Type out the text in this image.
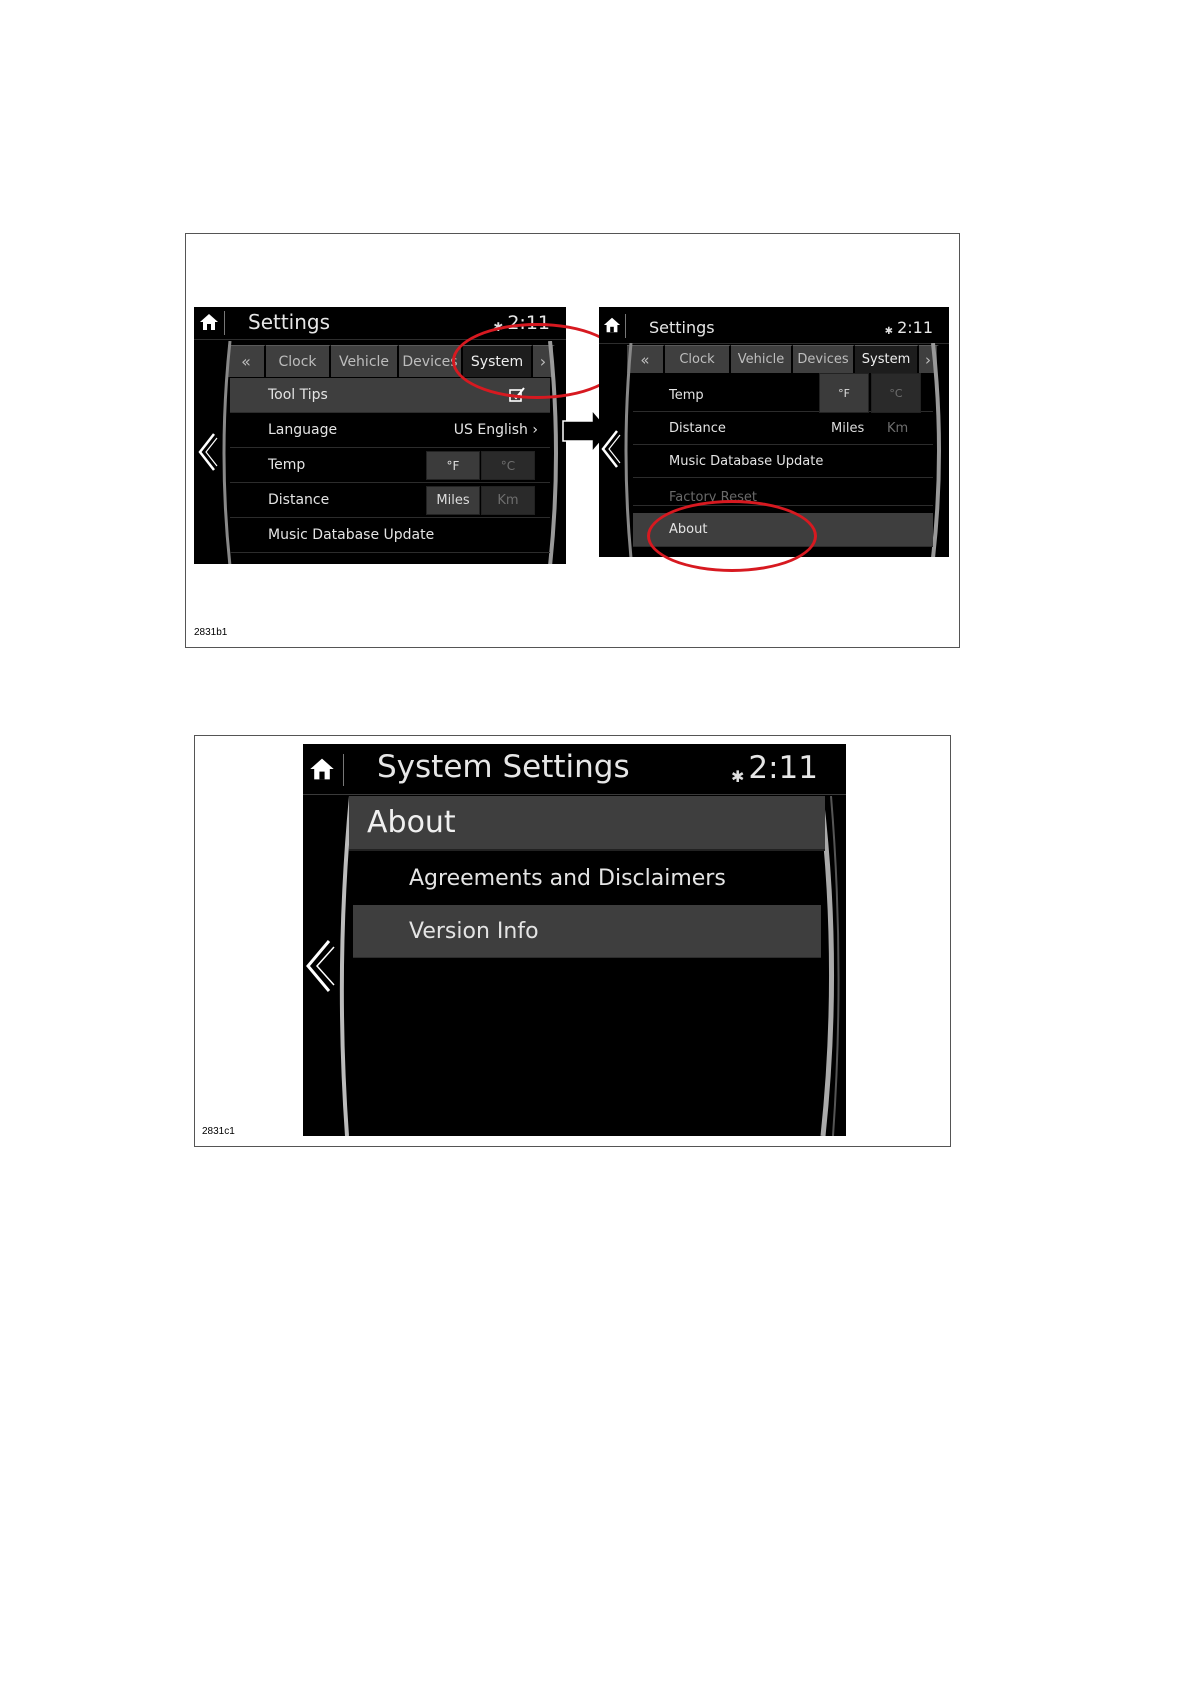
Settings	✱ 2:11
«	Clock	Vehicle Devices System	›
Tool Tips
Language	US English ›
Temp	°F	°C
Distance	Miles	Km
Music Database Update
Settings	✱ 2:11
«	Clock	Vehicle	Devices	System ›
Temp	°F	°C
Distance	Miles Km
Music Database Update
Factory Reset
About
2831b1
System Settings	✱ 2:11
About
Agreements and Disclaimers
Version Info
2831c1
